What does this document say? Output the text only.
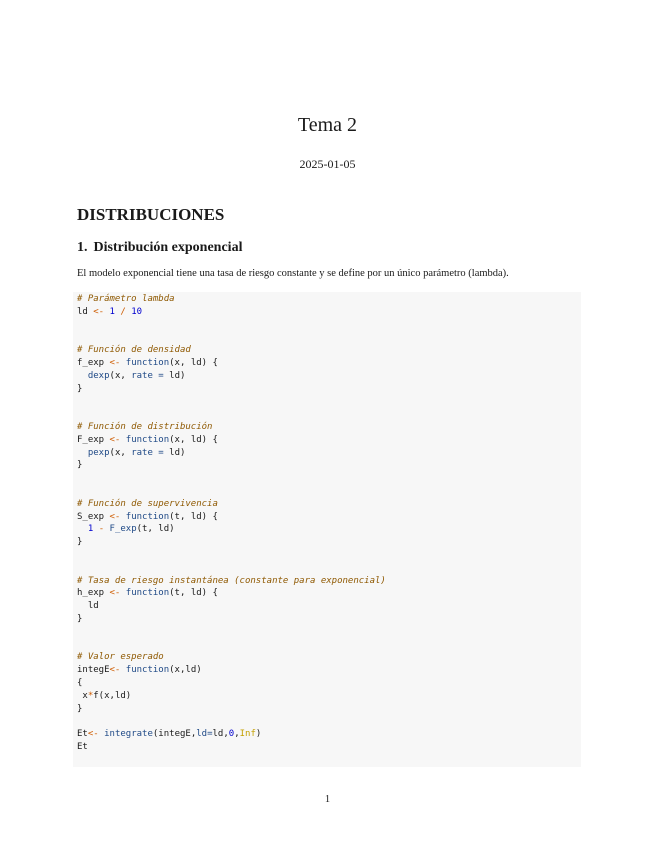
Tema 2
2025-01-05
DISTRIBUCIONES
1. Distribución exponencial
El modelo exponencial tiene una tasa de riesgo constante y se define por un único parámetro (lambda).
# Parámetro lambda
ld <- 1 / 10
# Función de densidad
f_exp <- function(x, ld) {
dexp(x, rate = ld)
}
# Función de distribución
F_exp <- function(x, ld) {
pexp(x, rate = ld)
}
# Función de supervivencia
S_exp <- function(t, ld) {
1 - F_exp(t, ld)
}
# Tasa de riesgo instantánea (constante para exponencial)
h_exp <- function(t, ld) {
ld
}
# Valor esperado
integE<- function(x,ld)
{
x*f(x,ld)
}
Et<- integrate(integE,ld=ld,0,Inf)
Et
1
